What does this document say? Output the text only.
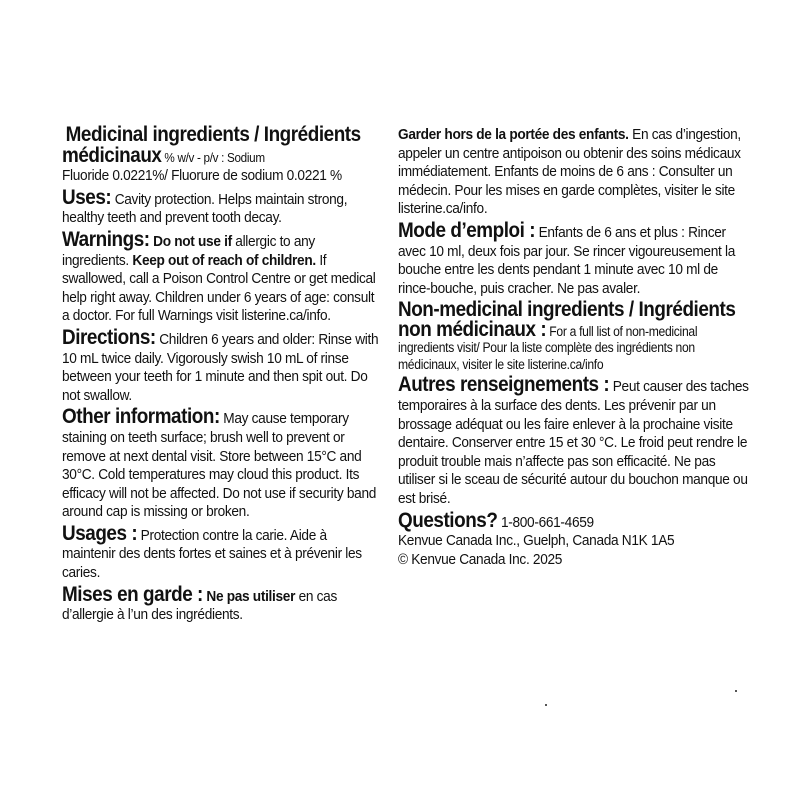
Medicinal ingredients / Ingrédients

médicinaux % w/v - p/v : Sodium

Fluoride 0.0221%/ Fluorure de sodium 0.0221 %

Uses: Cavity protection. Helps maintain strong, healthy teeth and prevent tooth decay.

Warnings: Do not use if allergic to any ingredients. Keep out of reach of children. If swallowed, call a Poison Control Centre or get medical help right away. Children under 6 years of age: consult a doctor. For full Warnings visit listerine.ca/info.

Directions: Children 6 years and older: Rinse with 10 mL twice daily. Vigorously swish 10 mL of rinse between your teeth for 1 minute and then spit out. Do not swallow.

Other information: May cause temporary staining on teeth surface; brush well to prevent or remove at next dental visit. Store between 15°C and 30°C. Cold temperatures may cloud this product. Its efficacy will not be affected. Do not use if security band around cap is missing or broken.

Usages : Protection contre la carie. Aide à maintenir des dents fortes et saines et à prévenir les caries.

Mises en garde : Ne pas utiliser en cas d’allergie à l’un des ingrédients.

Garder hors de la portée des enfants. En cas d’ingestion, appeler un centre antipoison ou obtenir des soins médicaux immédiatement. Enfants de moins de 6 ans : Consulter un médecin. Pour les mises en garde complètes, visiter le site listerine.ca/info.

Mode d’emploi : Enfants de 6 ans et plus : Rincer avec 10 ml, deux fois par jour. Se rincer vigoureusement la bouche entre les dents pendant 1 minute avec 10 ml de rince-bouche, puis cracher. Ne pas avaler.

Non-medicinal ingredients / Ingrédients

non médicinaux : For a full list of non-medicinal ingredients visit/ Pour la liste complète des ingrédients non médicinaux, visiter le site listerine.ca/info

Autres renseignements : Peut causer des taches temporaires à la surface des dents. Les prévenir par un brossage adéquat ou les faire enlever à la prochaine visite dentaire. Conserver entre 15 et 30 °C. Le froid peut rendre le produit trouble mais n’affecte pas son efficacité. Ne pas utiliser si le sceau de sécurité autour du bouchon manque ou est brisé.

Questions? 1-800-661-4659

Kenvue Canada Inc., Guelph, Canada N1K 1A5

© Kenvue Canada Inc. 2025
